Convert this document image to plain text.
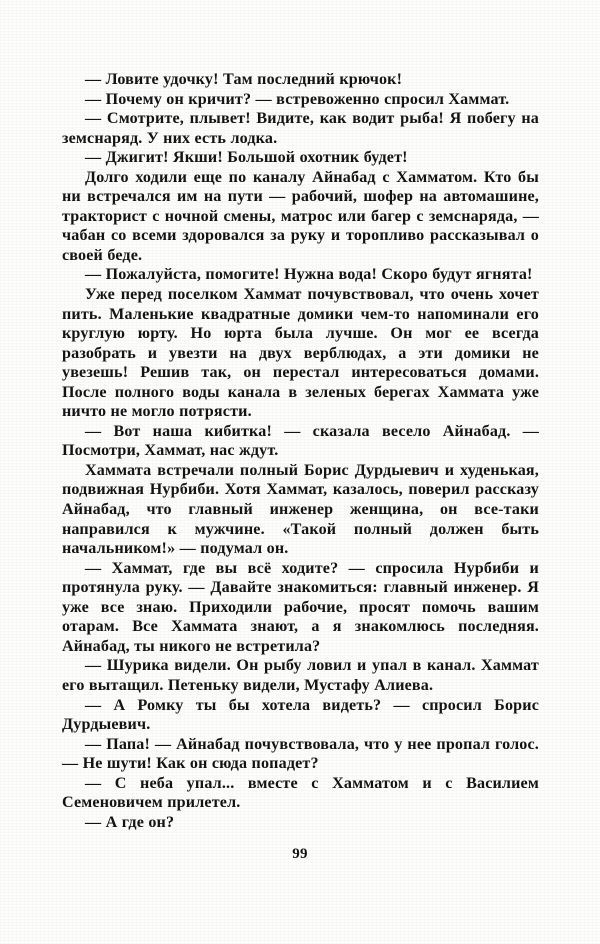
— Ловите удочку! Там последний крючок!

— Почему он кричит? — встревоженно спросил Хаммат.

— Смотрите, плывет! Видите, как водит рыба! Я побегу на земснаряд. У них есть лодка.

— Джигит! Якши! Большой охотник будет!

Долго ходили еще по каналу Айнабад с Хамматом. Кто бы ни встречался им на пути — рабочий, шофер на автомашине, тракторист с ночной смены, матрос или багер с земснаряда, — чабан со всеми здоровался за руку и торопливо рассказывал о своей беде.

— Пожалуйста, помогите! Нужна вода! Скоро будут ягнята!

Уже перед поселком Хаммат почувствовал, что очень хочет пить. Маленькие квадратные домики чем-то напоминали его круглую юрту. Но юрта была лучше. Он мог ее всегда разобрать и увезти на двух верблюдах, а эти домики не увезешь! Решив так, он перестал интересоваться домами. После полного воды канала в зеленых берегах Хаммата уже ничто не могло потрясти.

— Вот наша кибитка! — сказала весело Айнабад. — Посмотри, Хаммат, нас ждут.

Хаммата встречали полный Борис Дурдыевич и худенькая, подвижная Нурбиби. Хотя Хаммат, казалось, поверил рассказу Айнабад, что главный инженер женщина, он все-таки направился к мужчине. «Такой полный должен быть начальником!» — подумал он.

— Хаммат, где вы всё ходите? — спросила Нурбиби и протянула руку. — Давайте знакомиться: главный инженер. Я уже все знаю. Приходили рабочие, просят помочь вашим отарам. Все Хаммата знают, а я знакомлюсь последняя. Айнабад, ты никого не встретила?

— Шурика видели. Он рыбу ловил и упал в канал. Хаммат его вытащил. Петеньку видели, Мустафу Алиева.

— А Ромку ты бы хотела видеть? — спросил Борис Дурдыевич.

— Папа! — Айнабад почувствовала, что у нее пропал голос. — Не шути! Как он сюда попадет?

— С неба упал... вместе с Хамматом и с Василием Семеновичем прилетел.

— А где он?

99
